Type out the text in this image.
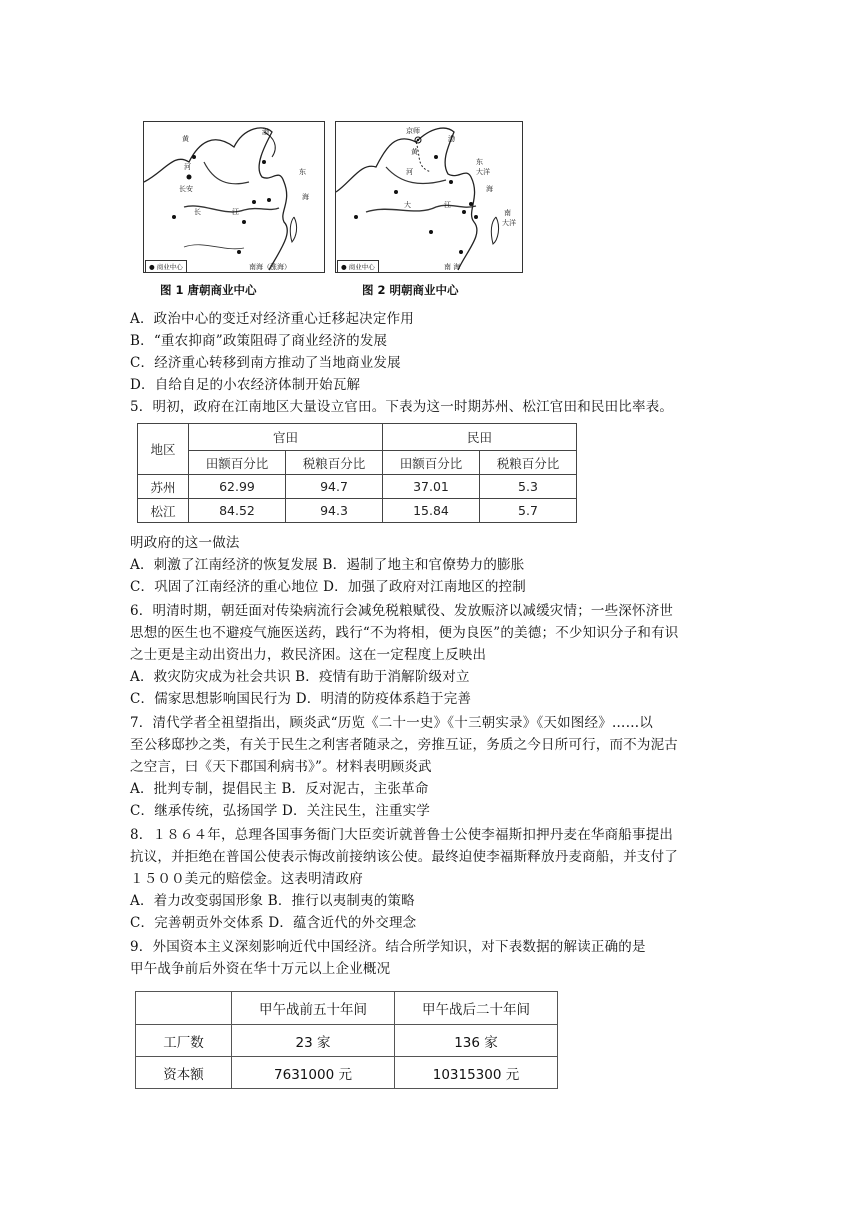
黄
渤
河
东
长安
海
长	江
南海（涨海）
● 商业中心
图 1 唐朝商业中心
京师
黄
渤
河
东
大洋
大	江
海
南
大洋
南 海
● 商业中心
图 2 明朝商业中心
A．政治中心的变迁对经济重心迁移起决定作用
B．“重农抑商”政策阻碍了商业经济的发展
C．经济重心转移到南方推动了当地商业发展
D．自给自足的小农经济体制开始瓦解
5．明初，政府在江南地区大量设立官田。下表为这一时期苏州、松江官田和民田比率表。
地区	官田		民田	
	田额百分比	税粮百分比	田额百分比	税粮百分比
苏州	62.99	94.7	37.01	5.3
松江	84.52	94.3	15.84	5.7
明政府的这一做法
A．刺激了江南经济的恢复发展 B．遏制了地主和官僚势力的膨胀
C．巩固了江南经济的重心地位 D．加强了政府对江南地区的控制
6．明清时期，朝廷面对传染病流行会减免税粮赋役、发放赈济以减缓灾情；一些深怀济世
思想的医生也不避疫气施医送药，践行“不为将相，便为良医”的美德；不少知识分子和有识
之士更是主动出资出力，救民济困。这在一定程度上反映出
A．救灾防灾成为社会共识 B．疫情有助于消解阶级对立
C．儒家思想影响国民行为 D．明清的防疫体系趋于完善
7．清代学者全祖望指出，顾炎武“历览《二十一史》《十三朝实录》《天如图经》……以
至公移邸抄之类，有关于民生之利害者随录之，旁推互证，务质之今日所可行，而不为泥古
之空言，曰《天下郡国利病书》”。材料表明顾炎武
A．批判专制，提倡民主 B．反对泥古，主张革命
C．继承传统，弘扬国学 D．关注民生，注重实学
8．１８６４年，总理各国事务衙门大臣奕䜣就普鲁士公使李福斯扣押丹麦在华商船事提出
抗议，并拒绝在普国公使表示悔改前接纳该公使。最终迫使李福斯释放丹麦商船，并支付了
１５００美元的赔偿金。这表明清政府
A．着力改变弱国形象 B．推行以夷制夷的策略
C．完善朝贡外交体系 D．蕴含近代的外交理念
9．外国资本主义深刻影响近代中国经济。结合所学知识，对下表数据的解读正确的是
甲午战争前后外资在华十万元以上企业概况
	甲午战前五十年间	甲午战后二十年间
工厂数	23 家	136 家
资本额	7631000 元	10315300 元
